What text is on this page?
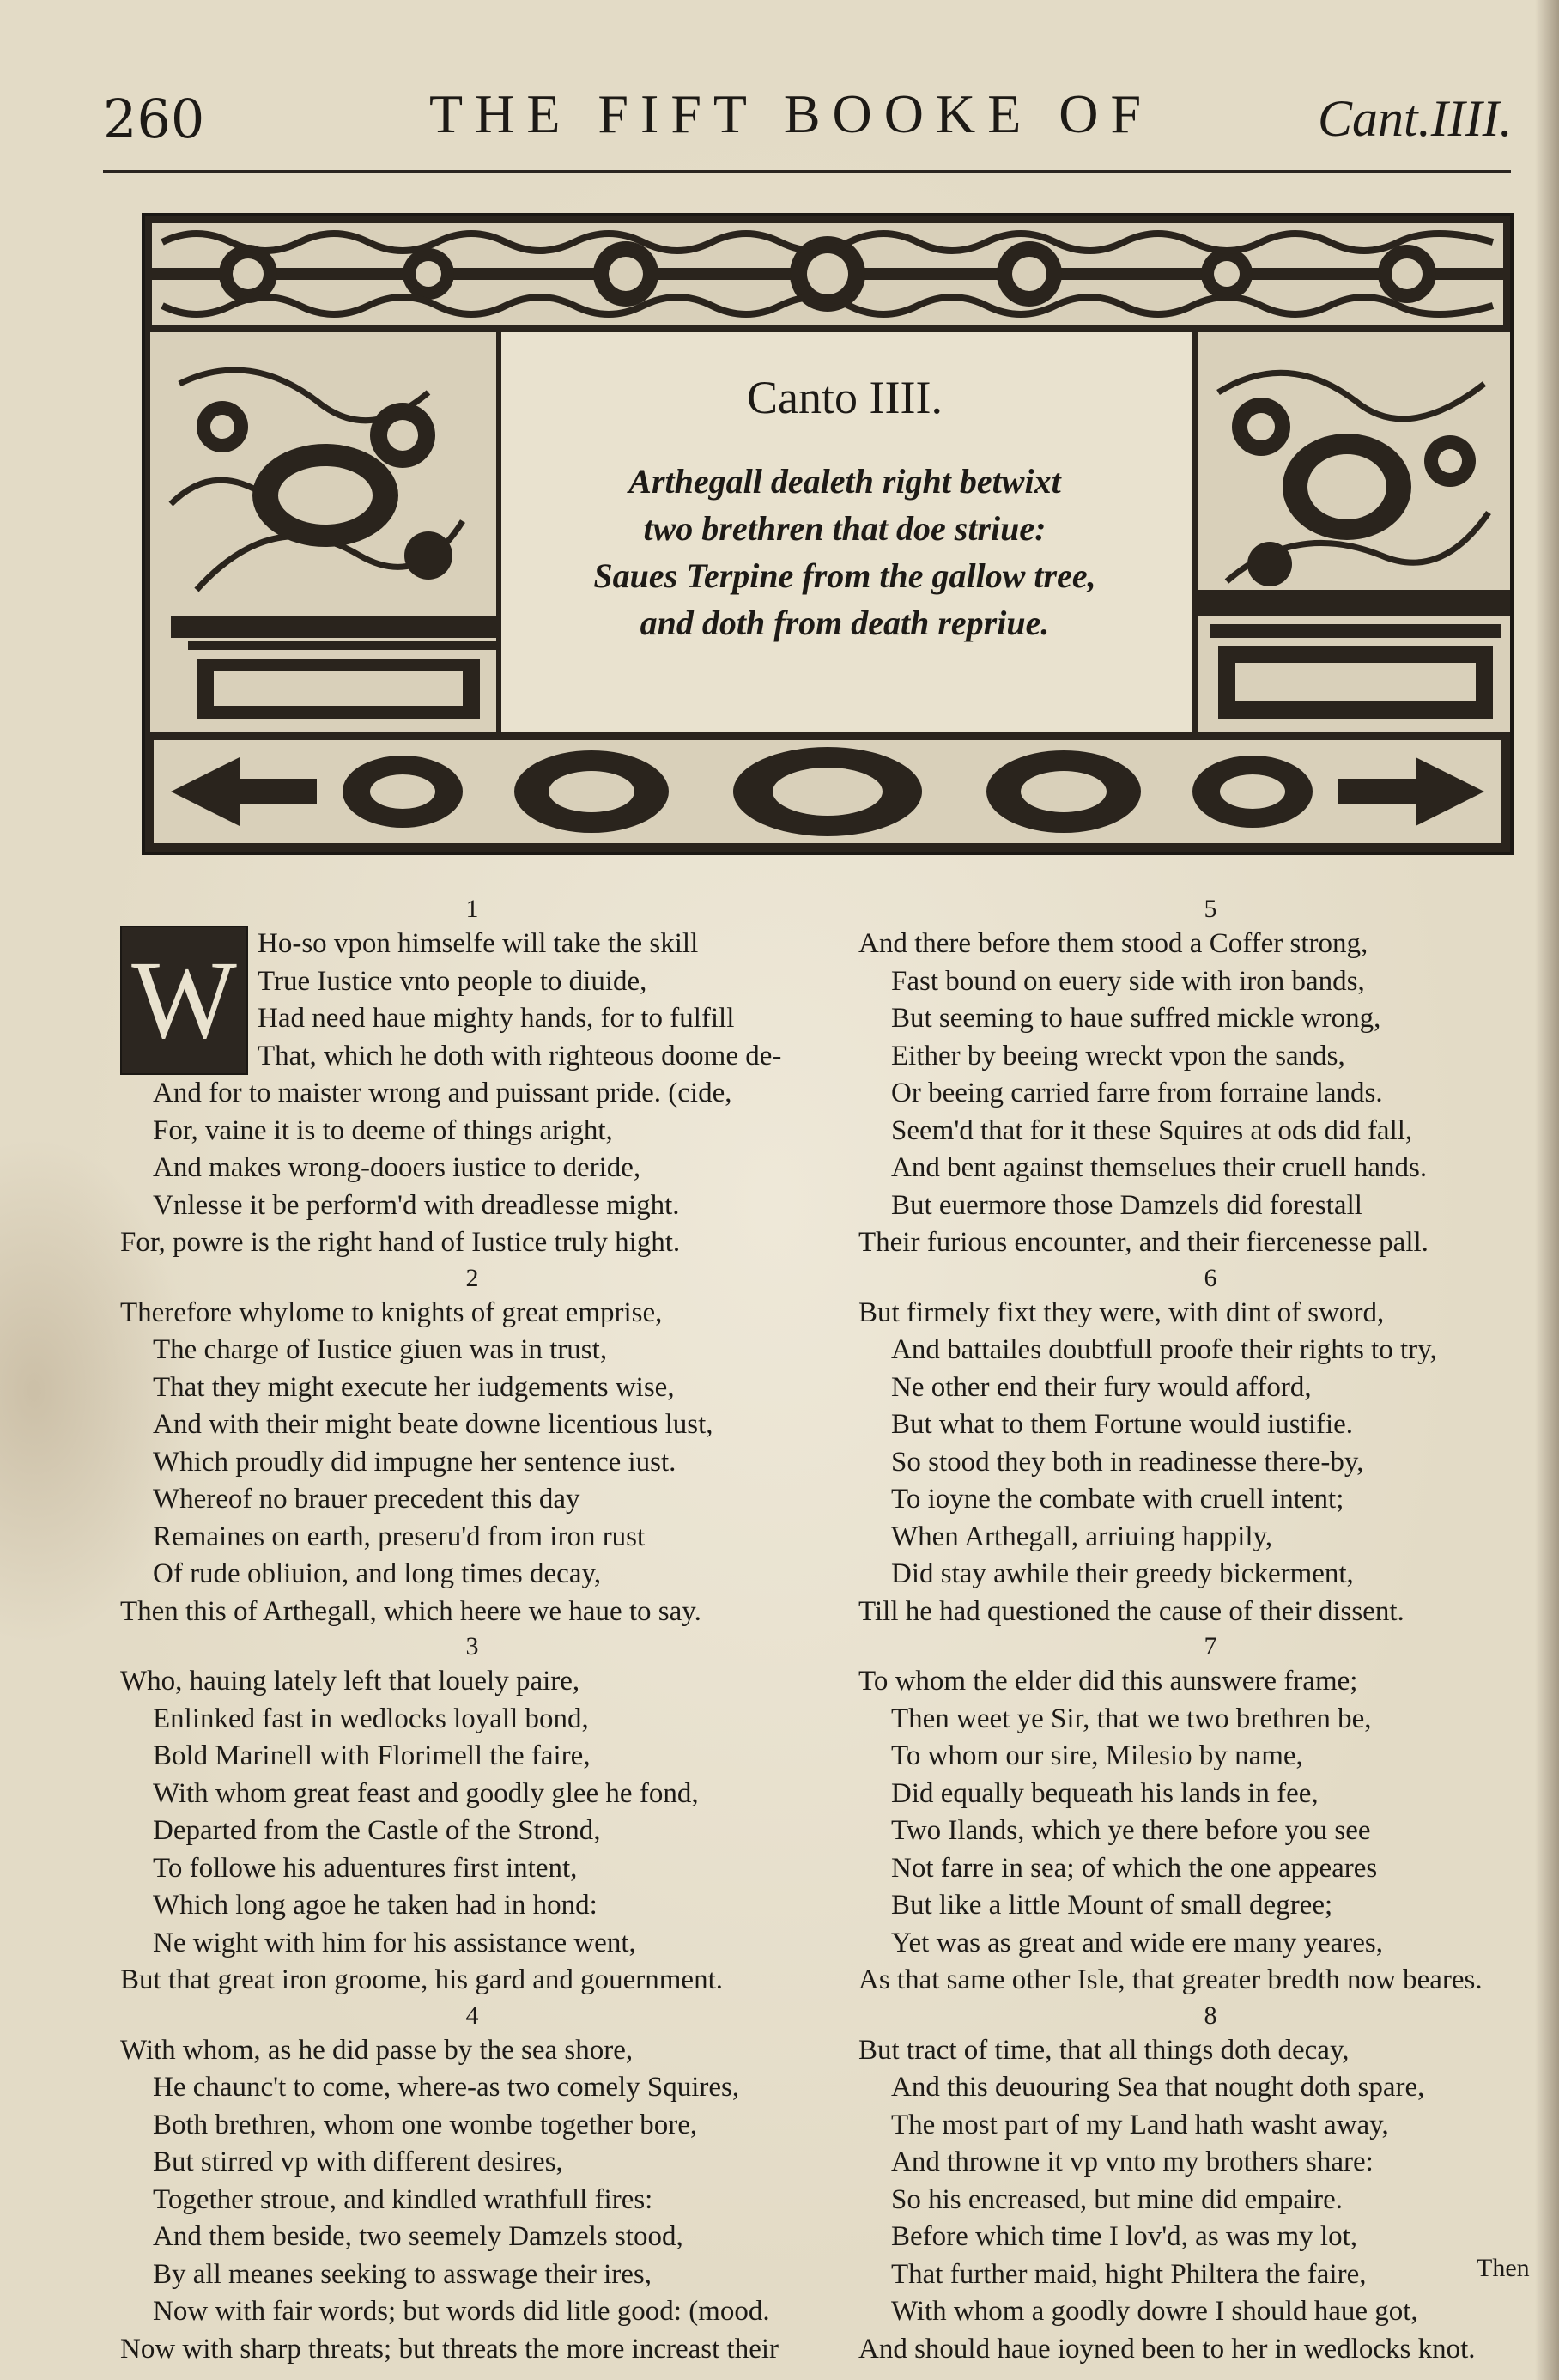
260	THE FIFT BOOKE OF	Cant.IIII.
Canto IIII.
Arthegall dealeth right betwixt
two brethren that doe striue:
Saues Terpine from the gallow tree,
and doth from death repriue.
1
W Ho-so vpon himselfe will take the skill
True Iustice vnto people to diuide,
Had need haue mighty hands, for to fulfill
That, which he doth with righteous doome de-
And for to maister wrong and puissant pride. (cide,
For, vaine it is to deeme of things aright,
And makes wrong-dooers iustice to deride,
Vnlesse it be perform'd with dreadlesse might.
For, powre is the right hand of Iustice truly hight.
2
Therefore whylome to knights of great emprise,
The charge of Iustice giuen was in trust,
That they might execute her iudgements wise,
And with their might beate downe licentious lust,
Which proudly did impugne her sentence iust.
Whereof no brauer precedent this day
Remaines on earth, preseru'd from iron rust
Of rude obliuion, and long times decay,
Then this of Arthegall, which heere we haue to say.
3
Who, hauing lately left that louely paire,
Enlinked fast in wedlocks loyall bond,
Bold Marinell with Florimell the faire,
With whom great feast and goodly glee he fond,
Departed from the Castle of the Strond,
To followe his aduentures first intent,
Which long agoe he taken had in hond:
Ne wight with him for his assistance went,
But that great iron groome, his gard and gouernment.
4
With whom, as he did passe by the sea shore,
He chaunc't to come, where-as two comely Squires,
Both brethren, whom one wombe together bore,
But stirred vp with different desires,
Together stroue, and kindled wrathfull fires:
And them beside, two seemely Damzels stood,
By all meanes seeking to asswage their ires,
Now with fair words; but words did litle good: (mood.
Now with sharp threats; but threats the more increast their
5
And there before them stood a Coffer strong,
Fast bound on euery side with iron bands,
But seeming to haue suffred mickle wrong,
Either by beeing wreckt vpon the sands,
Or beeing carried farre from forraine lands.
Seem'd that for it these Squires at ods did fall,
And bent against themselues their cruell hands.
But euermore those Damzels did forestall
Their furious encounter, and their fiercenesse pall.
6
But firmely fixt they were, with dint of sword,
And battailes doubtfull proofe their rights to try,
Ne other end their fury would afford,
But what to them Fortune would iustifie.
So stood they both in readinesse there-by,
To ioyne the combate with cruell intent;
When Arthegall, arriuing happily,
Did stay awhile their greedy bickerment,
Till he had questioned the cause of their dissent.
7
To whom the elder did this aunswere frame;
Then weet ye Sir, that we two brethren be,
To whom our sire, Milesio by name,
Did equally bequeath his lands in fee,
Two Ilands, which ye there before you see
Not farre in sea; of which the one appeares
But like a little Mount of small degree;
Yet was as great and wide ere many yeares,
As that same other Isle, that greater bredth now beares.
8
But tract of time, that all things doth decay,
And this deuouring Sea that nought doth spare,
The most part of my Land hath washt away,
And throwne it vp vnto my brothers share:
So his encreased, but mine did empaire.
Before which time I lov'd, as was my lot,
That further maid, hight Philtera the faire,
With whom a goodly dowre I should haue got,
And should haue ioyned been to her in wedlocks knot.
Then
